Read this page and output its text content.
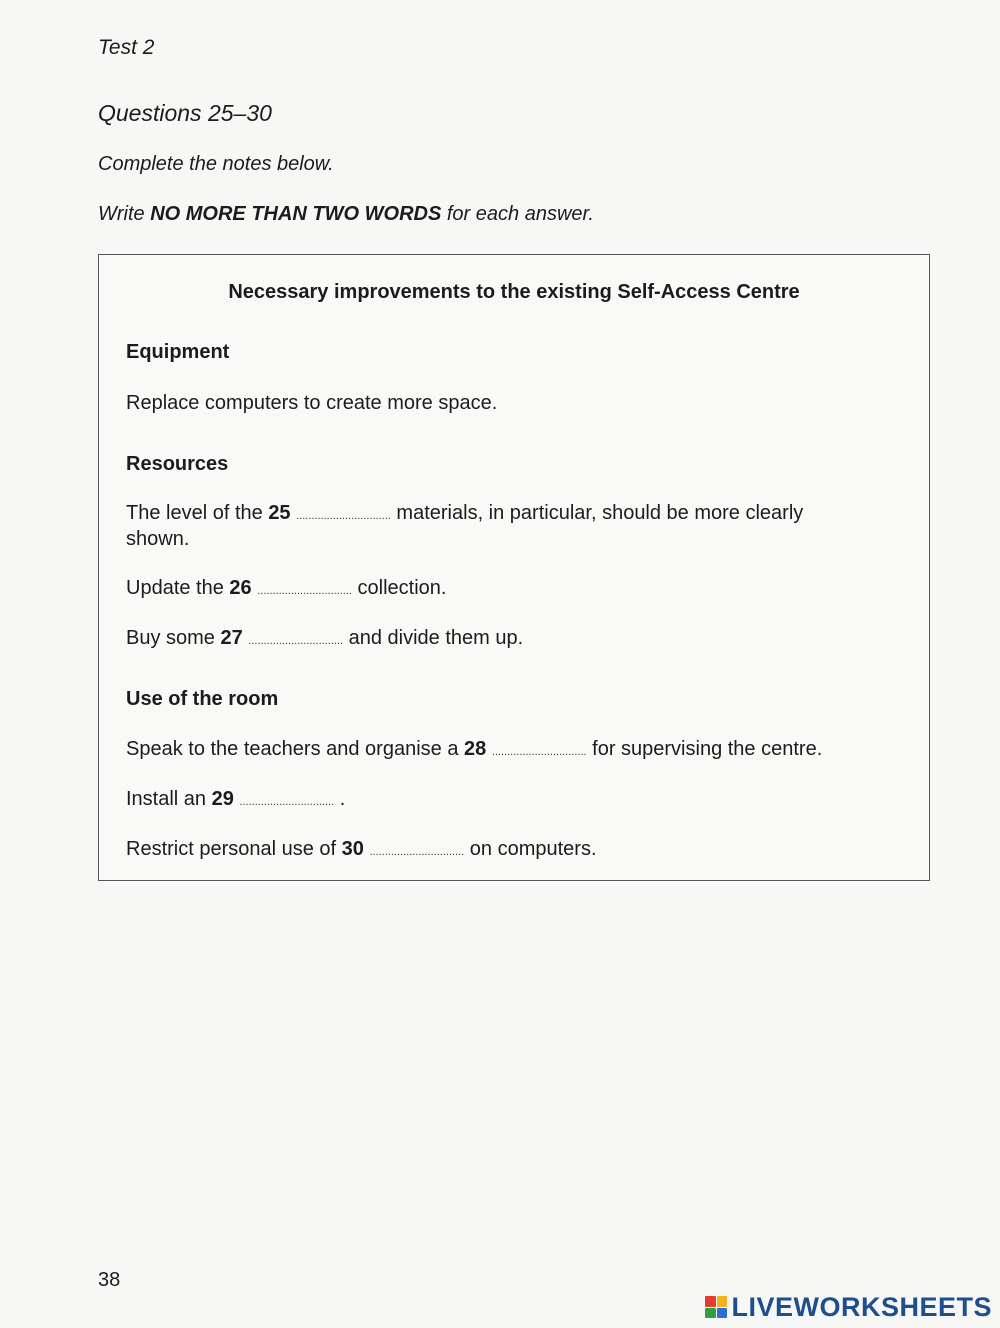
Test 2
Questions 25–30
Complete the notes below.
Write NO MORE THAN TWO WORDS for each answer.
Necessary improvements to the existing Self-Access Centre
Equipment
Replace computers to create more space.
Resources
The level of the 25 ............................... materials, in particular, should be more clearly
shown.
Update the 26 ............................... collection.
Buy some 27 ............................... and divide them up.
Use of the room
Speak to the teachers and organise a 28 ............................... for supervising the centre.
Install an 29 ............................... .
Restrict personal use of 30 ............................... on computers.
38
LIVEWORKSHEETS
